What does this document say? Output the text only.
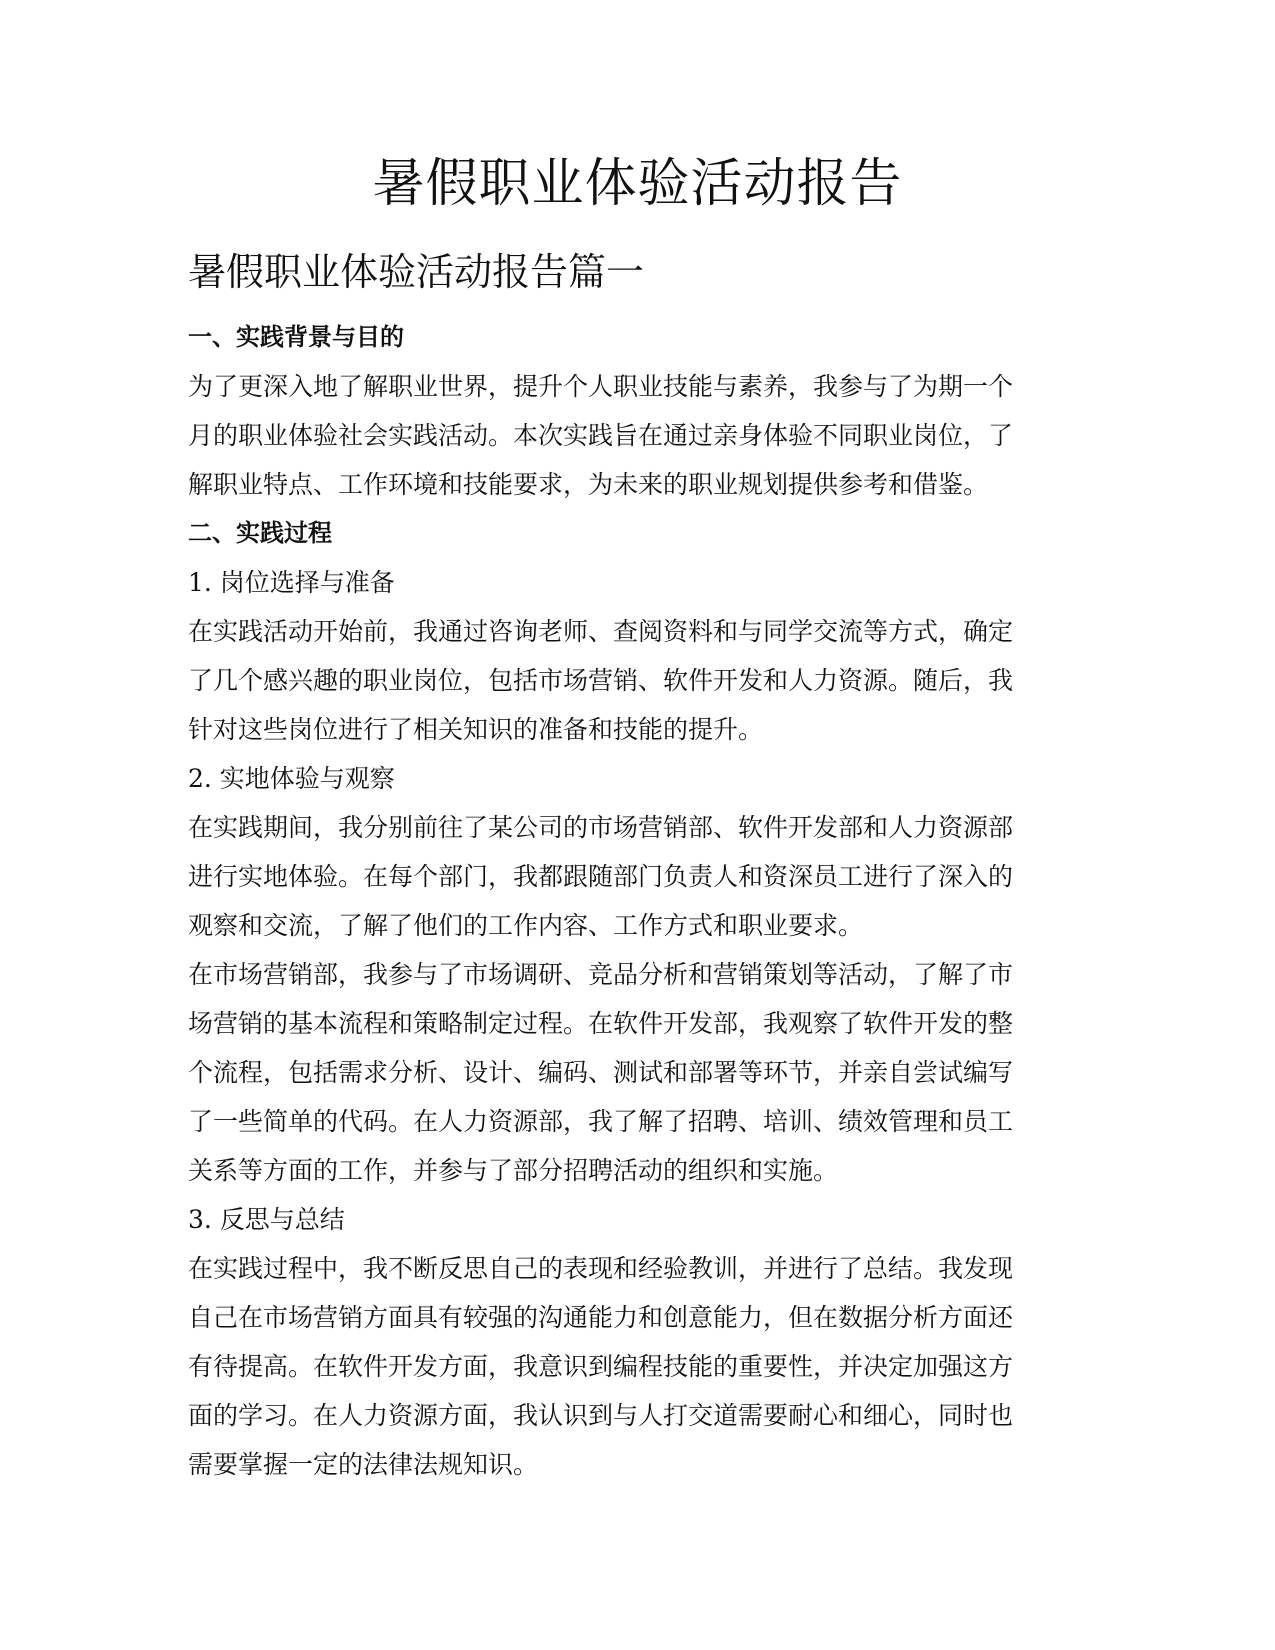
暑假职业体验活动报告
暑假职业体验活动报告篇一
一、实践背景与目的
为了更深入地了解职业世界，提升个人职业技能与素养，我参与了为期一个
月的职业体验社会实践活动。本次实践旨在通过亲身体验不同职业岗位，了
解职业特点、工作环境和技能要求，为未来的职业规划提供参考和借鉴。
二、实践过程
1. 岗位选择与准备
在实践活动开始前，我通过咨询老师、查阅资料和与同学交流等方式，确定
了几个感兴趣的职业岗位，包括市场营销、软件开发和人力资源。随后，我
针对这些岗位进行了相关知识的准备和技能的提升。
2. 实地体验与观察
在实践期间，我分别前往了某公司的市场营销部、软件开发部和人力资源部
进行实地体验。在每个部门，我都跟随部门负责人和资深员工进行了深入的
观察和交流，了解了他们的工作内容、工作方式和职业要求。
在市场营销部，我参与了市场调研、竞品分析和营销策划等活动，了解了市
场营销的基本流程和策略制定过程。在软件开发部，我观察了软件开发的整
个流程，包括需求分析、设计、编码、测试和部署等环节，并亲自尝试编写
了一些简单的代码。在人力资源部，我了解了招聘、培训、绩效管理和员工
关系等方面的工作，并参与了部分招聘活动的组织和实施。
3. 反思与总结
在实践过程中，我不断反思自己的表现和经验教训，并进行了总结。我发现
自己在市场营销方面具有较强的沟通能力和创意能力，但在数据分析方面还
有待提高。在软件开发方面，我意识到编程技能的重要性，并决定加强这方
面的学习。在人力资源方面，我认识到与人打交道需要耐心和细心，同时也
需要掌握一定的法律法规知识。
